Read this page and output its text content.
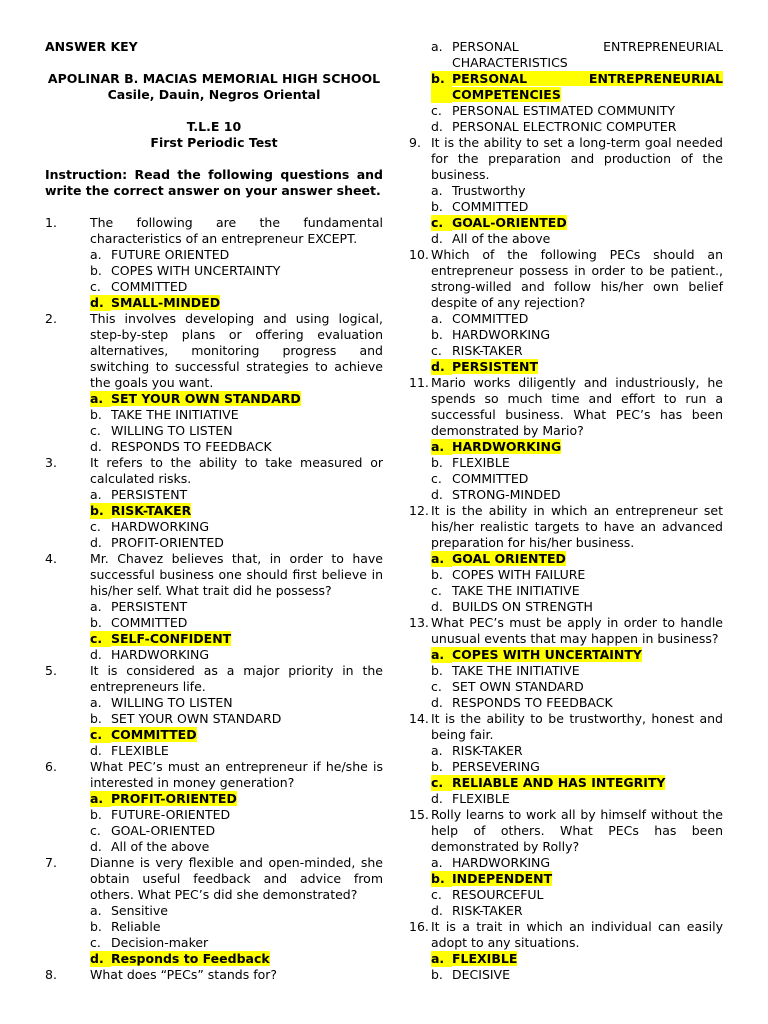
ANSWER KEY
APOLINAR B. MACIAS MEMORIAL HIGH SCHOOL
Casile, Dauin, Negros Oriental
T.L.E 10
First Periodic Test
Instruction: Read the following questions and write the correct answer on your answer sheet.
1.	The following are the fundamental characteristics of an entrepreneur EXCEPT.
a. FUTURE ORIENTED
b. COPES WITH UNCERTAINTY
c. COMMITTED
d. SMALL-MINDED
2.	This involves developing and using logical, step-by-step plans or offering evaluation alternatives, monitoring progress and switching to successful strategies to achieve the goals you want.
a. SET YOUR OWN STANDARD
b. TAKE THE INITIATIVE
c. WILLING TO LISTEN
d. RESPONDS TO FEEDBACK
3.	It refers to the ability to take measured or calculated risks.
a. PERSISTENT
b. RISK-TAKER
c. HARDWORKING
d. PROFIT-ORIENTED
4.	Mr. Chavez believes that, in order to have successful business one should first believe in his/her self. What trait did he possess?
a. PERSISTENT
b. COMMITTED
c. SELF-CONFIDENT
d. HARDWORKING
5.	It is considered as a major priority in the entrepreneurs life.
a. WILLING TO LISTEN
b. SET YOUR OWN STANDARD
c. COMMITTED
d. FLEXIBLE
6.	What PEC’s must an entrepreneur if he/she is interested in money generation?
a. PROFIT-ORIENTED
b. FUTURE-ORIENTED
c. GOAL-ORIENTED
d. All of the above
7.	Dianne is very flexible and open-minded, she obtain useful feedback and advice from others. What PEC’s did she demonstrated?
a. Sensitive
b. Reliable
c. Decision-maker
d. Responds to Feedback
8.	What does “PECs” stands for?
a. PERSONAL ENTREPRENEURIAL CHARACTERISTICS
b. PERSONAL ENTREPRENEURIAL COMPETENCIES
c. PERSONAL ESTIMATED COMMUNITY
d. PERSONAL ELECTRONIC COMPUTER
9. It is the ability to set a long-term goal needed for the preparation and production of the business.
a. Trustworthy
b. COMMITTED
c. GOAL-ORIENTED
d. All of the above
10. Which of the following PECs should an entrepreneur possess in order to be patient., strong-willed and follow his/her own belief despite of any rejection?
a. COMMITTED
b. HARDWORKING
c. RISK-TAKER
d. PERSISTENT
11. Mario works diligently and industriously, he spends so much time and effort to run a successful business. What PEC’s has been demonstrated by Mario?
a. HARDWORKING
b. FLEXIBLE
c. COMMITTED
d. STRONG-MINDED
12. It is the ability in which an entrepreneur set his/her realistic targets to have an advanced preparation for his/her business.
a. GOAL ORIENTED
b. COPES WITH FAILURE
c. TAKE THE INITIATIVE
d. BUILDS ON STRENGTH
13. What PEC’s must be apply in order to handle unusual events that may happen in business?
a. COPES WITH UNCERTAINTY
b. TAKE THE INITIATIVE
c. SET OWN STANDARD
d. RESPONDS TO FEEDBACK
14. It is the ability to be trustworthy, honest and being fair.
a. RISK-TAKER
b. PERSEVERING
c. RELIABLE AND HAS INTEGRITY
d. FLEXIBLE
15. Rolly learns to work all by himself without the help of others. What PECs has been demonstrated by Rolly?
a. HARDWORKING
b. INDEPENDENT
c. RESOURCEFUL
d. RISK-TAKER
16. It is a trait in which an individual can easily adopt to any situations.
a. FLEXIBLE
b. DECISIVE
